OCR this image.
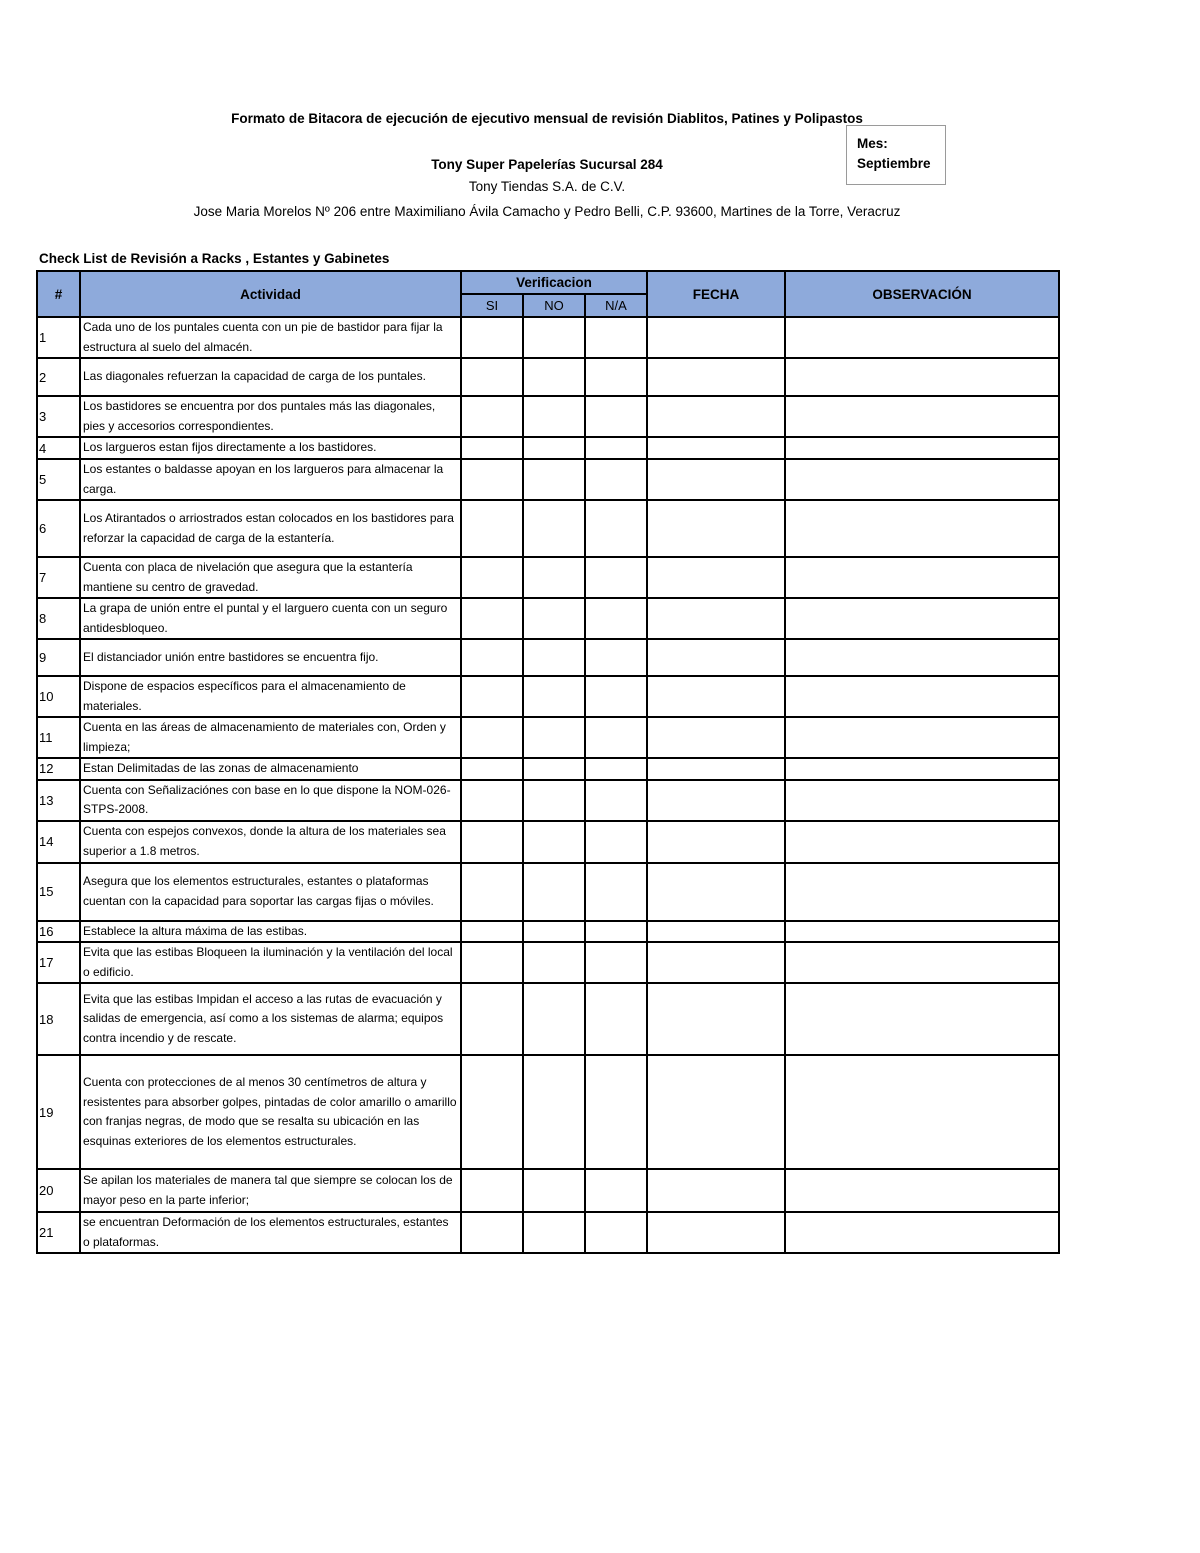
Formato de Bitacora de ejecución de ejecutivo mensual de revisión Diablitos, Patines y Polipastos
Tony Super Papelerías Sucursal 284
Tony Tiendas S.A. de C.V.
Jose Maria Morelos Nº 206 entre Maximiliano Ávila Camacho y Pedro Belli, C.P. 93600, Martines de la Torre, Veracruz
Mes:
Septiembre
Check List de Revisión a Racks , Estantes y Gabinetes
#	Actividad	Verificacion			FECHA	OBSERVACIÓN
		SI	NO	N/A		
1	Cada uno de los puntales cuenta con un pie de bastidor para fijar la estructura al suelo del almacén.					
2	Las diagonales refuerzan la capacidad de carga de los puntales.					
3	Los bastidores se encuentra por dos puntales más las diagonales, pies y accesorios correspondientes.					
4	Los largueros estan fijos directamente a los bastidores.					
5	Los estantes o baldasse apoyan en los largueros para almacenar la carga.					
6	Los Atirantados o arriostrados estan colocados en los bastidores para reforzar la capacidad de carga de la estantería.					
7	Cuenta con placa de nivelación que asegura que la estantería mantiene su centro de gravedad.					
8	La grapa de unión entre el puntal y el larguero cuenta con un seguro antidesbloqueo.					
9	El distanciador unión entre bastidores se encuentra fijo.					
10	Dispone de espacios específicos para el almacenamiento de materiales.					
11	Cuenta en las áreas de almacenamiento de materiales con, Orden y limpieza;					
12	Estan Delimitadas de las zonas de almacenamiento					
13	Cuenta con Señalizaciónes con base en lo que dispone la NOM-026-STPS-2008.					
14	Cuenta con espejos convexos, donde la altura de los materiales sea superior a 1.8 metros.					
15	Asegura que los elementos estructurales, estantes o plataformas cuentan con la capacidad para soportar las cargas fijas o móviles.					
16	Establece la altura máxima de las estibas.					
17	Evita que las estibas Bloqueen la iluminación y la ventilación del local o edificio.					
18	Evita que las estibas Impidan el acceso a las rutas de evacuación y salidas de emergencia, así como a los sistemas de alarma; equipos contra incendio y de rescate.					
19	Cuenta con protecciones de al menos 30 centímetros de altura y resistentes para absorber golpes, pintadas de color amarillo o amarillo con franjas negras, de modo que se resalta su ubicación en las esquinas exteriores de los elementos estructurales.					
20	Se apilan los materiales de manera tal que siempre se colocan los de mayor peso en la parte inferior;					
21	se encuentran Deformación de los elementos estructurales, estantes o plataformas.					
